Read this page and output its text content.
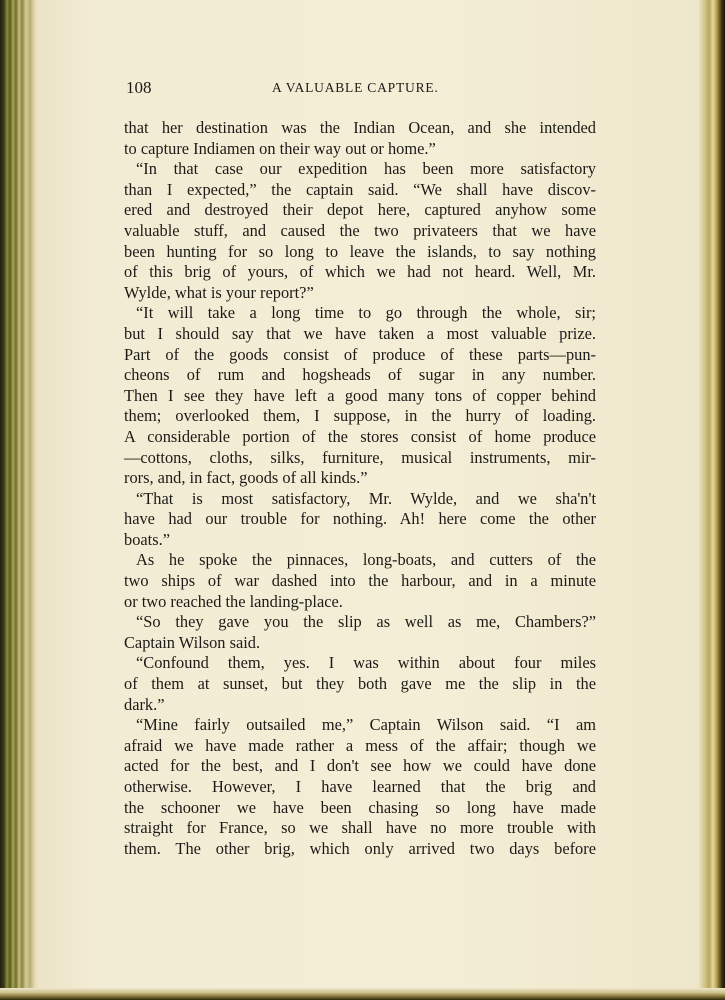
108	A VALUABLE CAPTURE.
that her destination was the Indian Ocean, and she intended
to capture Indiamen on their way out or home.”
“In that case our expedition has been more satisfactory
than I expected,” the captain said. “We shall have discov-
ered and destroyed their depot here, captured anyhow some
valuable stuff, and caused the two privateers that we have
been hunting for so long to leave the islands, to say nothing
of this brig of yours, of which we had not heard. Well, Mr.
Wylde, what is your report?”
“It will take a long time to go through the whole, sir;
but I should say that we have taken a most valuable prize.
Part of the goods consist of produce of these parts—pun-
cheons of rum and hogsheads of sugar in any number.
Then I see they have left a good many tons of copper behind
them; overlooked them, I suppose, in the hurry of loading.
A considerable portion of the stores consist of home produce
—cottons, cloths, silks, furniture, musical instruments, mir-
rors, and, in fact, goods of all kinds.”
“That is most satisfactory, Mr. Wylde, and we sha'n't
have had our trouble for nothing. Ah! here come the other
boats.”
As he spoke the pinnaces, long-boats, and cutters of the
two ships of war dashed into the harbour, and in a minute
or two reached the landing-place.
“So they gave you the slip as well as me, Chambers?”
Captain Wilson said.
“Confound them, yes. I was within about four miles
of them at sunset, but they both gave me the slip in the
dark.”
“Mine fairly outsailed me,” Captain Wilson said. “I am
afraid we have made rather a mess of the affair; though we
acted for the best, and I don't see how we could have done
otherwise. However, I have learned that the brig and
the schooner we have been chasing so long have made
straight for France, so we shall have no more trouble with
them. The other brig, which only arrived two days before
